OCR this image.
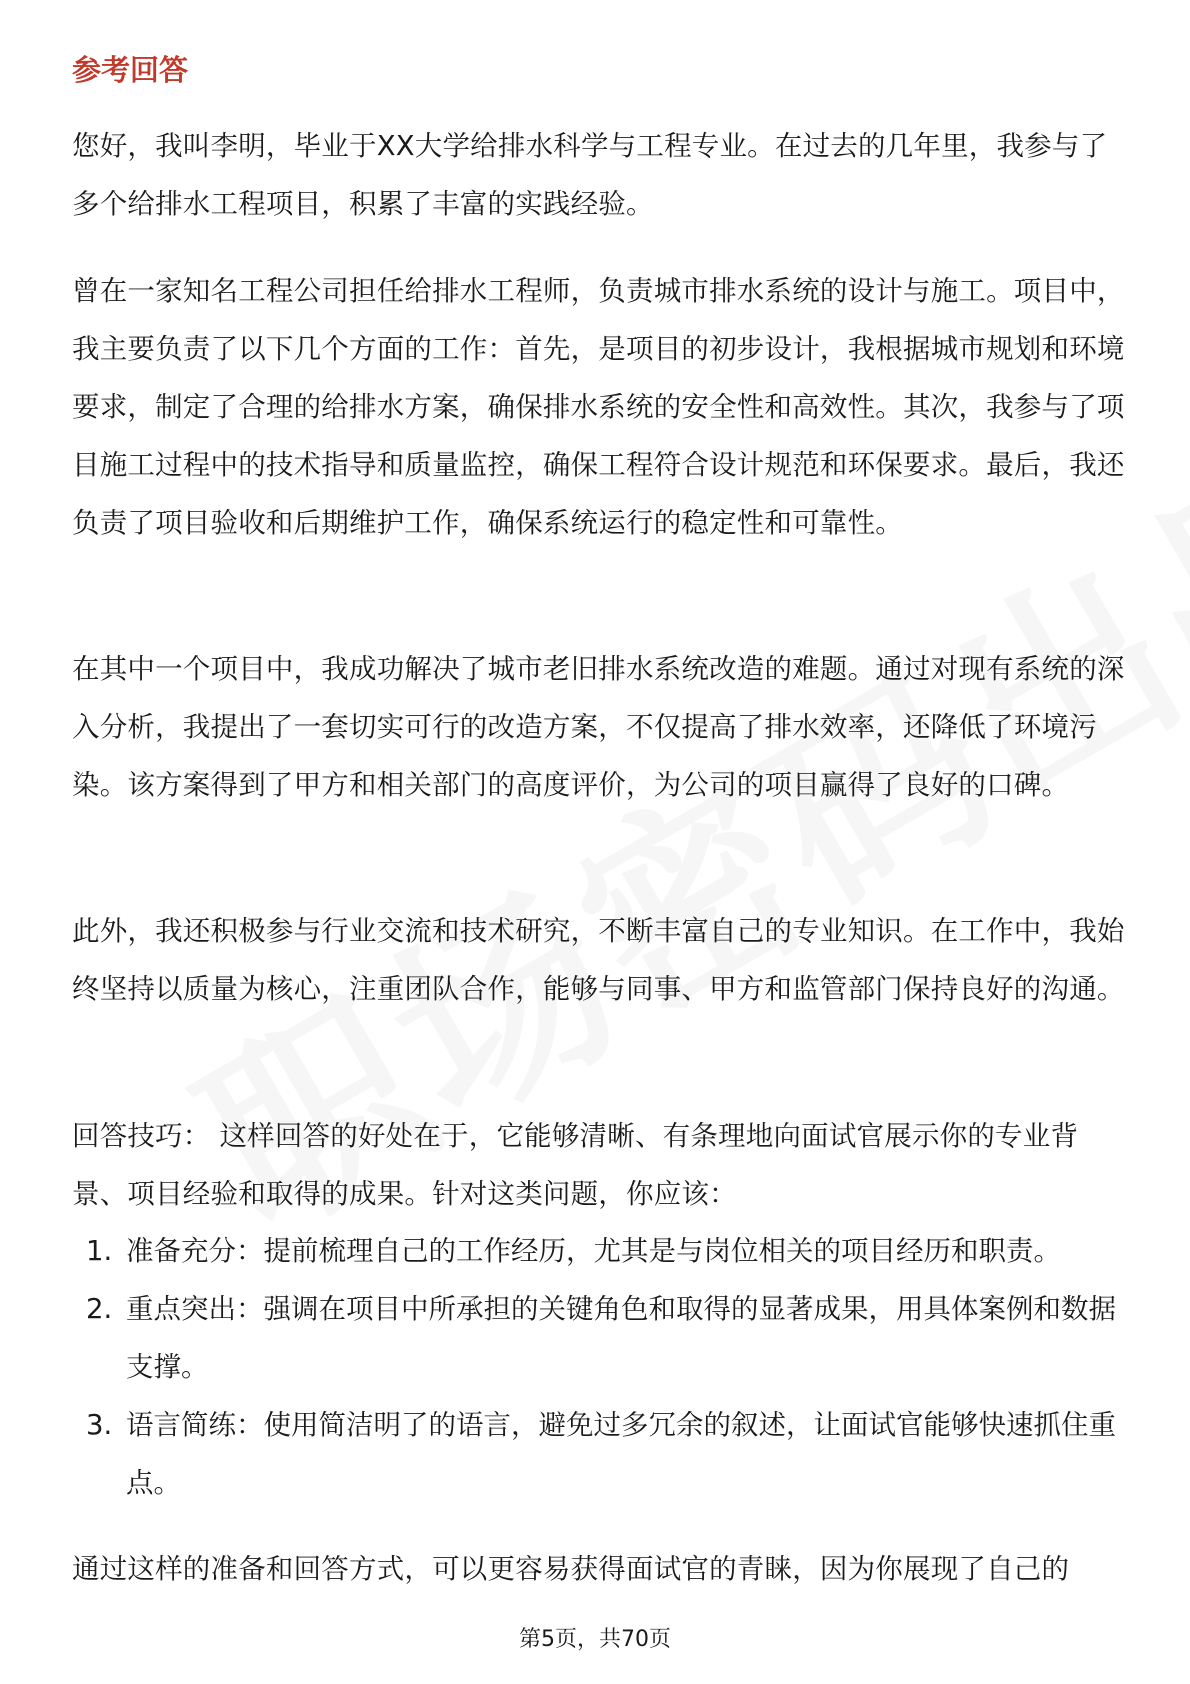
参考回答

您好，我叫李明，毕业于XX大学给排水科学与工程专业。在过去的几年里，我参与了多个给排水工程项目，积累了丰富的实践经验。

曾在一家知名工程公司担任给排水工程师，负责城市排水系统的设计与施工。项目中，我主要负责了以下几个方面的工作：首先，是项目的初步设计，我根据城市规划和环境要求，制定了合理的给排水方案，确保排水系统的安全性和高效性。其次，我参与了项目施工过程中的技术指导和质量监控，确保工程符合设计规范和环保要求。最后，我还负责了项目验收和后期维护工作，确保系统运行的稳定性和可靠性。

在其中一个项目中，我成功解决了城市老旧排水系统改造的难题。通过对现有系统的深入分析，我提出了一套切实可行的改造方案，不仅提高了排水效率，还降低了环境污染。该方案得到了甲方和相关部门的高度评价，为公司的项目赢得了良好的口碑。

此外，我还积极参与行业交流和技术研究，不断丰富自己的专业知识。在工作中，我始终坚持以质量为核心，注重团队合作，能够与同事、甲方和监管部门保持良好的沟通。

回答技巧： 这样回答的好处在于，它能够清晰、有条理地向面试官展示你的专业背景、项目经验和取得的成果。针对这类问题，你应该：

1. 准备充分：提前梳理自己的工作经历，尤其是与岗位相关的项目经历和职责。
2. 重点突出：强调在项目中所承担的关键角色和取得的显著成果，用具体案例和数据支撑。
3. 语言简练：使用简洁明了的语言，避免过多冗余的叙述，让面试官能够快速抓住重点。

通过这样的准备和回答方式，可以更容易获得面试官的青睐，因为你展现了自己的

第5页，共70页
